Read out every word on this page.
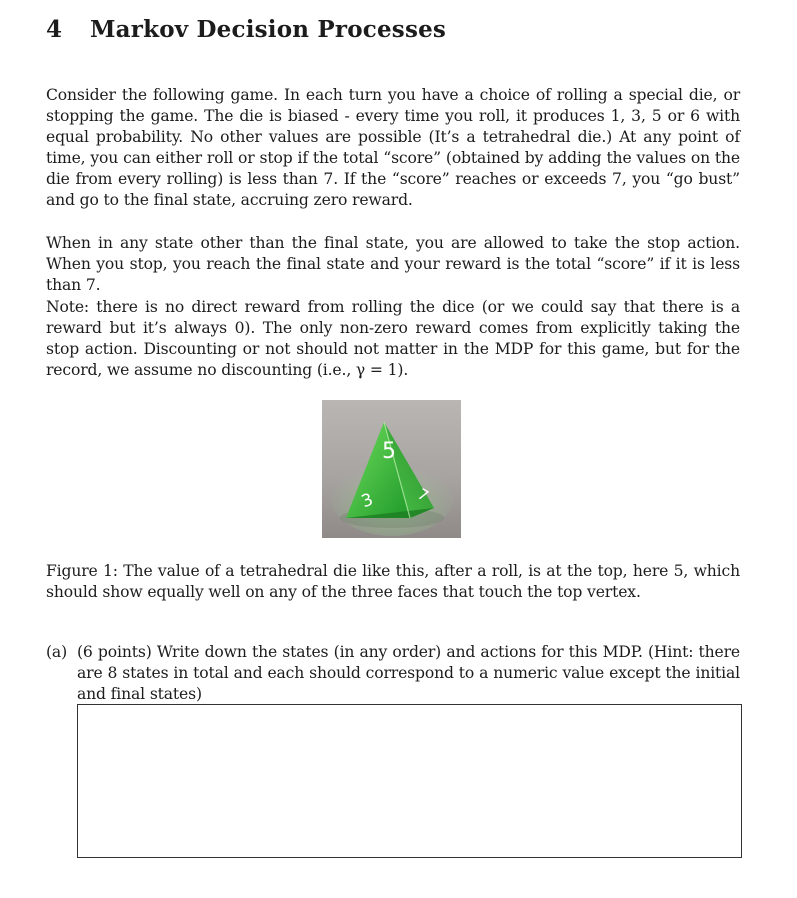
4 Markov Decision Processes

Consider the following game. In each turn you have a choice of rolling a special die, or stopping the game. The die is biased - every time you roll, it produces 1, 3, 5 or 6 with equal probability. No other values are possible (It’s a tetrahedral die.) At any point of time, you can either roll or stop if the total “score” (obtained by adding the values on the die from every rolling) is less than 7. If the “score” reaches or exceeds 7, you “go bust” and go to the final state, accruing zero reward.

When in any state other than the final state, you are allowed to take the stop action. When you stop, you reach the final state and your reward is the total “score” if it is less than 7.

Note: there is no direct reward from rolling the dice (or we could say that there is a reward but it’s always 0). The only non-zero reward comes from explicitly taking the stop action. Discounting or not should not matter in the MDP for this game, but for the record, we assume no discounting (i.e., γ = 1).

5
3	7

Figure 1: The value of a tetrahedral die like this, after a roll, is at the top, here 5, which should show equally well on any of the three faces that touch the top vertex.

(a) (6 points) Write down the states (in any order) and actions for this MDP. (Hint: there are 8 states in total and each should correspond to a numeric value except the initial and final states)
